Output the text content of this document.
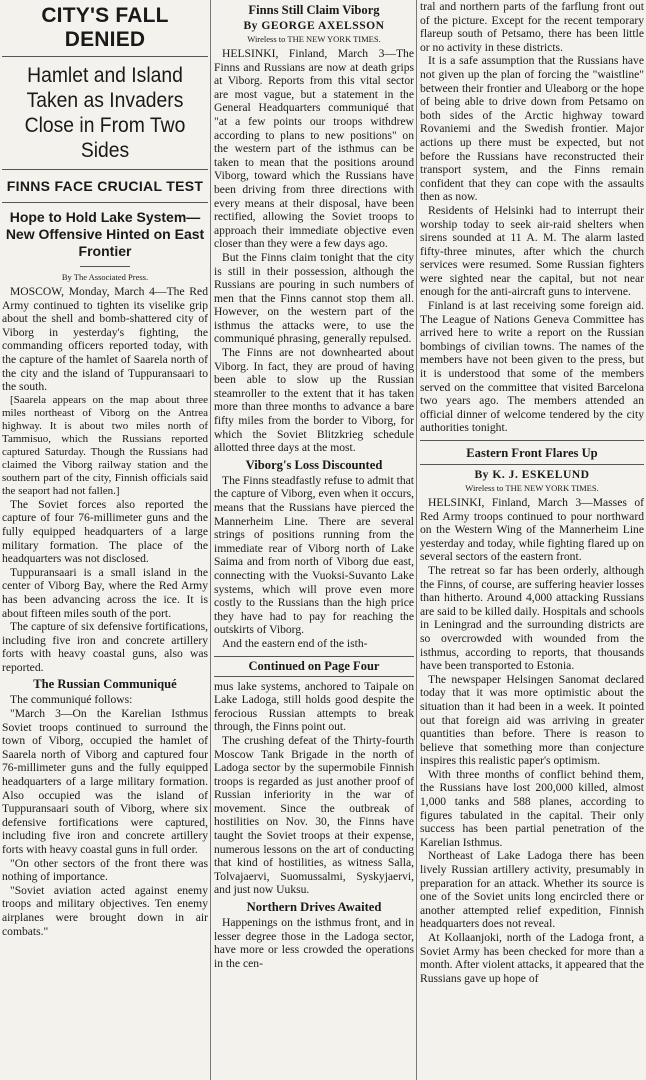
CITY'S FALL DENIED
Hamlet and Island Taken as Invaders Close in From Two Sides
FINNS FACE CRUCIAL TEST
Hope to Hold Lake System—New Offensive Hinted on East Frontier
By The Associated Press.

MOSCOW, Monday, March 4—The Red Army continued to tighten its viselike grip about the shell and bomb-shattered city of Viborg in yesterday's fighting, the commanding officers reported today, with the capture of the hamlet of Saarela north of the city and the island of Tuppuransaari to the south.

[Saarela appears on the map about three miles northeast of Viborg on the Antrea highway. It is about two miles north of Tammisuo, which the Russians reported captured Saturday. Though the Russians had claimed the Viborg railway station and the southern part of the city, Finnish officials said the seaport had not fallen.]

The Soviet forces also reported the capture of four 76-millimeter guns and the fully equipped headquarters of a large military formation. The place of the headquarters was not disclosed.

Tuppuransaari is a small island in the center of Viborg Bay, where the Red Army has been advancing across the ice. It is about fifteen miles south of the port.

The capture of six defensive fortifications, including five iron and concrete artillery forts with heavy coastal guns, also was reported.

The Russian Communiqué

The communiqué follows:

"March 3—On the Karelian Isthmus Soviet troops continued to surround the town of Viborg, occupied the hamlet of Saarela north of Viborg and captured four 76-millimeter guns and the fully equipped headquarters of a large military formation. Also occupied was the island of Tuppuransaari south of Viborg, where six defensive fortifications were captured, including five iron and concrete artillery forts with heavy coastal guns in full order.

"On other sectors of the front there was nothing of importance.

"Soviet aviation acted against enemy troops and military objectives. Ten enemy airplanes were brought down in air combats."

Finns Still Claim Viborg
By GEORGE AXELSSON
Wireless to THE NEW YORK TIMES.

HELSINKI, Finland, March 3—The Finns and Russians are now at death grips at Viborg. Reports from this vital sector are most vague, but a statement in the General Headquarters communiqué that "at a few points our troops withdrew according to plans to new positions" on the western part of the isthmus can be taken to mean that the positions around Viborg, toward which the Russians have been driving from three directions with every means at their disposal, have been rectified, allowing the Soviet troops to approach their immediate objective even closer than they were a few days ago.

But the Finns claim tonight that the city is still in their possession, although the Russians are pouring in such numbers of men that the Finns cannot stop them all. However, on the western part of the isthmus the attacks were, to use the communiqué phrasing, generally repulsed.

The Finns are not downhearted about Viborg. In fact, they are proud of having been able to slow up the Russian steamroller to the extent that it has taken more than three months to advance a bare fifty miles from the border to Viborg, for which the Soviet Blitzkrieg schedule allotted three days at the most.

Viborg's Loss Discounted

The Finns steadfastly refuse to admit that the capture of Viborg, even when it occurs, means that the Russians have pierced the Mannerheim Line. There are several strings of positions running from the immediate rear of Viborg north of Lake Saima and from north of Viborg due east, connecting with the Vuoksi-Suvanto Lake systems, which will prove even more costly to the Russians than the high price they have had to pay for reaching the outskirts of Viborg.

And the eastern end of the isth-

Continued on Page Four

mus lake systems, anchored to Taipale on Lake Ladoga, still holds good despite the ferocious Russian attempts to break through, the Finns point out.

The crushing defeat of the Thirty-fourth Moscow Tank Brigade in the north of Ladoga sector by the supermobile Finnish troops is regarded as just another proof of Russian inferiority in the war of movement. Since the outbreak of hostilities on Nov. 30, the Finns have taught the Soviet troops at their expense, numerous lessons on the art of conducting that kind of hostilities, as witness Salla, Tolvajaervi, Suomussalmi, Syskyjaervi, and just now Uuksu.

Northern Drives Awaited

Happenings on the isthmus front, and in lesser degree those in the Ladoga sector, have more or less crowded the operations in the cen-

tral and northern parts of the farflung front out of the picture. Except for the recent temporary flareup south of Petsamo, there has been little or no activity in these districts.

It is a safe assumption that the Russians have not given up the plan of forcing the "waistline" between their frontier and Uleaborg or the hope of being able to drive down from Petsamo on both sides of the Arctic highway toward Rovaniemi and the Swedish frontier. Major actions up there must be expected, but not before the Russians have reconstructed their transport system, and the Finns remain confident that they can cope with the assaults then as now.

Residents of Helsinki had to interrupt their worship today to seek air-raid shelters when sirens sounded at 11 A. M. The alarm lasted fifty-three minutes, after which the church services were resumed. Some Russian fighters were sighted near the capital, but not near enough for the anti-aircraft guns to intervene.

Finland is at last receiving some foreign aid. The League of Nations Geneva Committee has arrived here to write a report on the Russian bombings of civilian towns. The names of the members have not been given to the press, but it is understood that some of the members served on the committee that visited Barcelona two years ago. The members attended an official dinner of welcome tendered by the city authorities tonight.

Eastern Front Flares Up
By K. J. ESKELUND
Wireless to THE NEW YORK TIMES.

HELSINKI, Finland, March 3—Masses of Red Army troops continued to pour northward on the Western Wing of the Mannerheim Line yesterday and today, while fighting flared up on several sectors of the eastern front.

The retreat so far has been orderly, although the Finns, of course, are suffering heavier losses than hitherto. Around 4,000 attacking Russians are said to be killed daily. Hospitals and schools in Leningrad and the surrounding districts are so overcrowded with wounded from the isthmus, according to reports, that thousands have been transported to Estonia.

The newspaper Helsingen Sanomat declared today that it was more optimistic about the situation than it had been in a week. It pointed out that foreign aid was arriving in greater quantities than before. There is reason to believe that something more than conjecture inspires this realistic paper's optimism.

With three months of conflict behind them, the Russians have lost 200,000 killed, almost 1,000 tanks and 588 planes, according to figures tabulated in the capital. Their only success has been partial penetration of the Karelian Isthmus.

Northeast of Lake Ladoga there has been lively Russian artillery activity, presumably in preparation for an attack. Whether its source is one of the Soviet units long encircled there or another attempted relief expedition, Finnish headquarters does not reveal.

At Kollaanjoki, north of the Ladoga front, a Soviet Army has been checked for more than a month. After violent attacks, it appeared that the Russians gave up hope of
